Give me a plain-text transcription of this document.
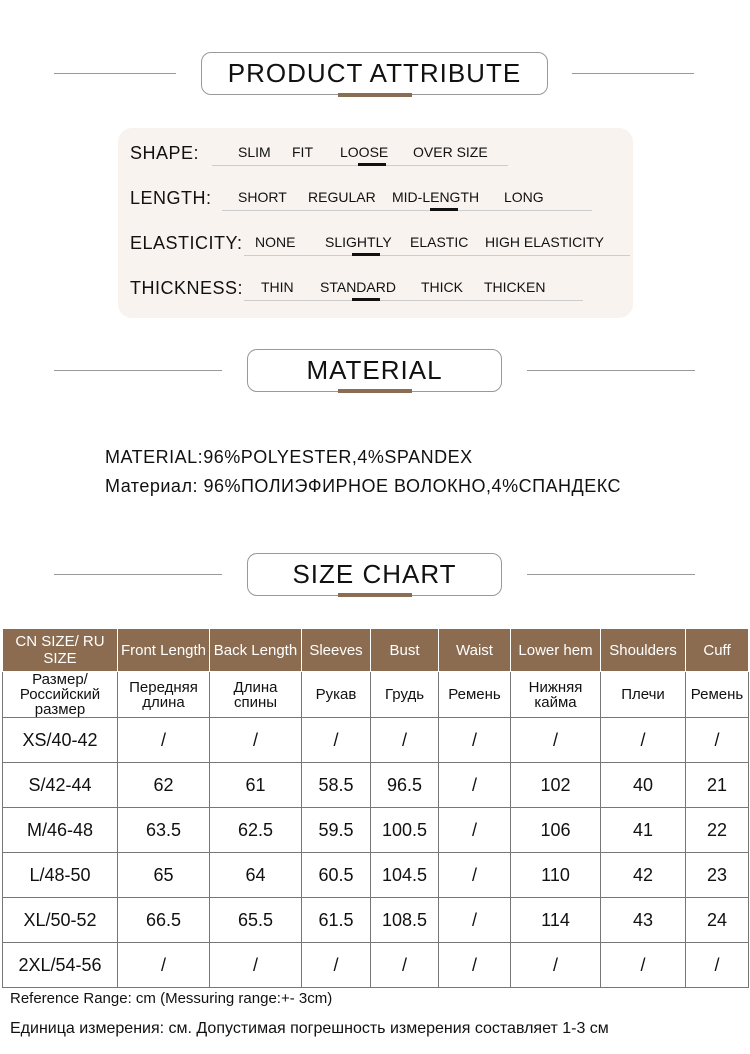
PRODUCT ATTRIBUTE
SHAPE:	SLIM FIT LOOSE OVER SIZE
LENGTH: SHORT REGULAR MID-LENGTH LONG
ELASTICITY: NONE SLIGHTLY ELASTIC HIGH ELASTICITY
THICKNESS: THIN STANDARD THICK THICKEN
MATERIAL
MATERIAL:96%POLYESTER,4%SPANDEX
Материал: 96%ПОЛИЭФИРНОЕ ВОЛОКНО,4%СПАНДЕКС
SIZE CHART
CN SIZE/ RU SIZE	Front Length	Back Length	Sleeves	Bust	Waist	Lower hem	Shoulders	Cuff
Размер/ Российский размер	Передняя длина	Длина спины	Рукав	Грудь	Ремень	Нижняя кайма	Плечи	Ремень
XS/40-42	/	/	/	/	/	/	/	/
S/42-44	62	61	58.5	96.5	/	102	40	21
M/46-48	63.5	62.5	59.5	100.5	/	106	41	22
L/48-50	65	64	60.5	104.5	/	110	42	23
XL/50-52	66.5	65.5	61.5	108.5	/	114	43	24
2XL/54-56	/	/	/	/	/	/	/	/
Reference Range: cm (Messuring range:+- 3cm)
Единица измерения: см. Допустимая погрешность измерения составляет 1-3 см
